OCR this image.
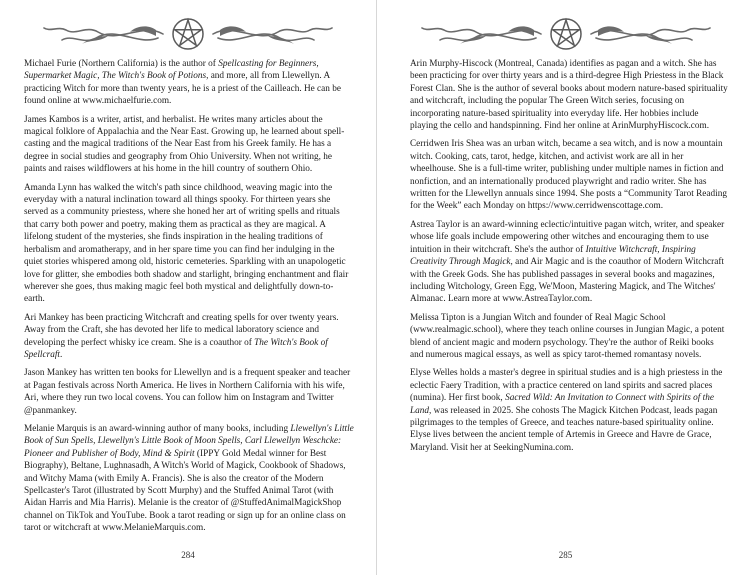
Michael Furie (Northern California) is the author of Spellcasting for Beginners, Supermarket Magic, The Witch's Book of Potions, and more, all from Llewellyn. A practicing Witch for more than twenty years, he is a priest of the Cailleach. He can be found online at www.michaelfurie.com.

James Kambos is a writer, artist, and herbalist. He writes many articles about the magical folklore of Appalachia and the Near East. Growing up, he learned about spell-casting and the magical traditions of the Near East from his Greek family. He has a degree in social studies and geography from Ohio University. When not writing, he paints and raises wildflowers at his home in the hill country of southern Ohio.

Amanda Lynn has walked the witch's path since childhood, weaving magic into the everyday with a natural inclination toward all things spooky. For thirteen years she served as a community priestess, where she honed her art of writing spells and rituals that carry both power and poetry, making them as practical as they are magical. A lifelong student of the mysteries, she finds inspiration in the healing traditions of herbalism and aromatherapy, and in her spare time you can find her indulging in the quiet stories whispered among old, historic cemeteries. Sparkling with an unapologetic love for glitter, she embodies both shadow and starlight, bringing enchantment and flair wherever she goes, thus making magic feel both mystical and delightfully down-to-earth.

Ari Mankey has been practicing Witchcraft and creating spells for over twenty years. Away from the Craft, she has devoted her life to medical laboratory science and developing the perfect whisky ice cream. She is a coauthor of The Witch's Book of Spellcraft.

Jason Mankey has written ten books for Llewellyn and is a frequent speaker and teacher at Pagan festivals across North America. He lives in Northern California with his wife, Ari, where they run two local covens. You can follow him on Instagram and Twitter @panmankey.

Melanie Marquis is an award-winning author of many books, including Llewellyn's Little Book of Sun Spells, Llewellyn's Little Book of Moon Spells, Carl Llewellyn Weschcke: Pioneer and Publisher of Body, Mind & Spirit (IPPY Gold Medal winner for Best Biography), Beltane, Lughnasadh, A Witch's World of Magick, Cookbook of Shadows, and Witchy Mama (with Emily A. Francis). She is also the creator of the Modern Spellcaster's Tarot (illustrated by Scott Murphy) and the Stuffed Animal Tarot (with Aidan Harris and Mia Harris). Melanie is the creator of @StuffedAnimalMagickShop channel on TikTok and YouTube. Book a tarot reading or sign up for an online class on tarot or witchcraft at www.MelanieMarquis.com.

284

Arin Murphy-Hiscock (Montreal, Canada) identifies as pagan and a witch. She has been practicing for over thirty years and is a third-degree High Priestess in the Black Forest Clan. She is the author of several books about modern nature-based spirituality and witchcraft, including the popular The Green Witch series, focusing on incorporating nature-based spirituality into everyday life. Her hobbies include playing the cello and handspinning. Find her online at ArinMurphyHiscock.com.

Cerridwen Iris Shea was an urban witch, became a sea witch, and is now a mountain witch. Cooking, cats, tarot, hedge, kitchen, and activist work are all in her wheelhouse. She is a full-time writer, publishing under multiple names in fiction and nonfiction, and an internationally produced playwright and radio writer. She has written for the Llewellyn annuals since 1994. She posts a “Community Tarot Reading for the Week” each Monday on https://www.cerridwenscottage.com.

Astrea Taylor is an award-winning eclectic/intuitive pagan witch, writer, and speaker whose life goals include empowering other witches and encouraging them to use intuition in their witchcraft. She's the author of Intuitive Witchcraft, Inspiring Creativity Through Magick, and Air Magic and is the coauthor of Modern Witchcraft with the Greek Gods. She has published passages in several books and magazines, including Witchology, Green Egg, We'Moon, Mastering Magick, and The Witches' Almanac. Learn more at www.AstreaTaylor.com.

Melissa Tipton is a Jungian Witch and founder of Real Magic School (www.realmagic.school), where they teach online courses in Jungian Magic, a potent blend of ancient magic and modern psychology. They're the author of Reiki books and numerous magical essays, as well as spicy tarot-themed romantasy novels.

Elyse Welles holds a master's degree in spiritual studies and is a high priestess in the eclectic Faery Tradition, with a practice centered on land spirits and sacred places (numina). Her first book, Sacred Wild: An Invitation to Connect with Spirits of the Land, was released in 2025. She cohosts The Magick Kitchen Podcast, leads pagan pilgrimages to the temples of Greece, and teaches nature-based spirituality online. Elyse lives between the ancient temple of Artemis in Greece and Havre de Grace, Maryland. Visit her at SeekingNumina.com.

285
